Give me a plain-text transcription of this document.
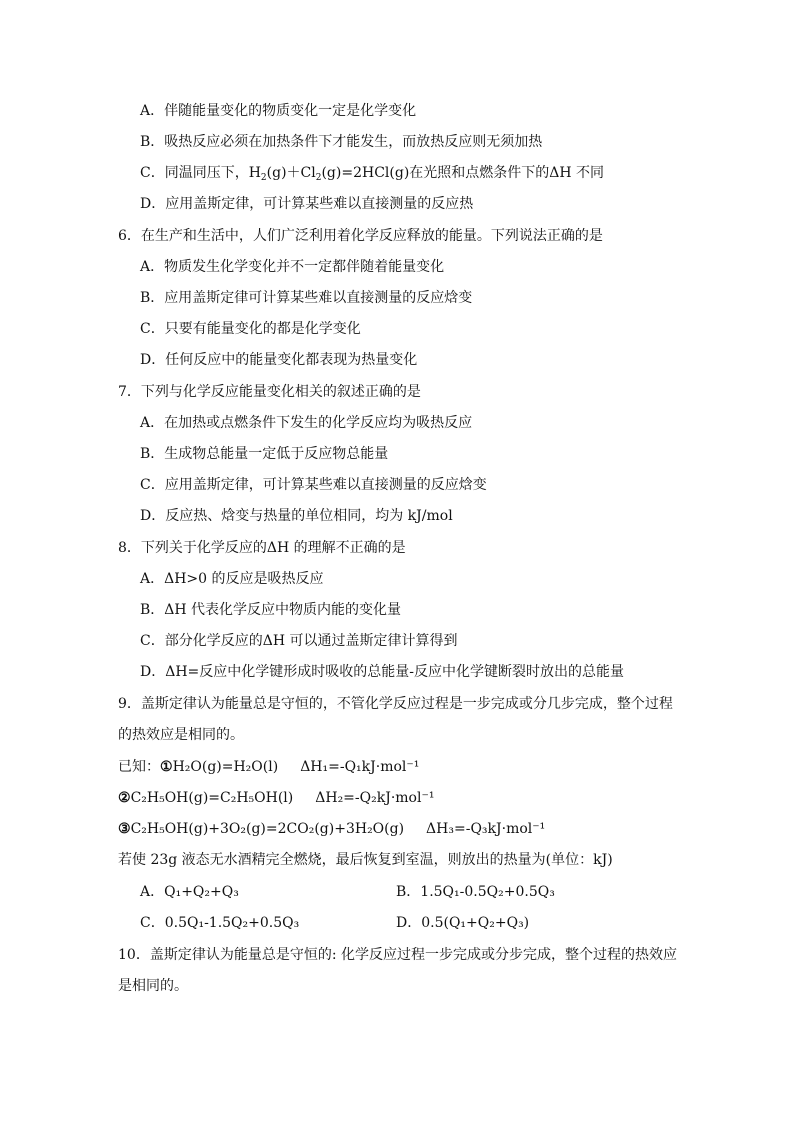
A．伴随能量变化的物质变化一定是化学变化
B．吸热反应必须在加热条件下才能发生，而放热反应则无须加热
C．同温同压下，$H_2(g)+Cl_2(g)=2HCl(g)$在光照和点燃条件下的ΔH 不同
D．应用盖斯定律，可计算某些难以直接测量的反应热
6．在生产和生活中，人们广泛利用着化学反应释放的能量。下列说法正确的是
A．物质发生化学变化并不一定都伴随着能量变化
B．应用盖斯定律可计算某些难以直接测量的反应焓变
C．只要有能量变化的都是化学变化
D．任何反应中的能量变化都表现为热量变化
7．下列与化学反应能量变化相关的叙述正确的是
A．在加热或点燃条件下发生的化学反应均为吸热反应
B．生成物总能量一定低于反应物总能量
C．应用盖斯定律，可计算某些难以直接测量的反应焓变
D．反应热、焓变与热量的单位相同，均为 kJ/mol
8．下列关于化学反应的ΔH 的理解不正确的是
A．ΔH>0 的反应是吸热反应
B．ΔH 代表化学反应中物质内能的变化量
C．部分化学反应的ΔH 可以通过盖斯定律计算得到
D．ΔH=反应中化学键形成时吸收的总能量-反应中化学键断裂时放出的总能量
9．盖斯定律认为能量总是守恒的，不管化学反应过程是一步完成或分几步完成，整个过程
的热效应是相同的。
已知：①H₂O(g)=H₂O(l) ΔH₁=-Q₁kJ·mol⁻¹
②C₂H₅OH(g)=C₂H₅OH(l) ΔH₂=-Q₂kJ·mol⁻¹
③C₂H₅OH(g)+3O₂(g)=2CO₂(g)+3H₂O(g) ΔH₃=-Q₃kJ·mol⁻¹
若使 23g 液态无水酒精完全燃烧，最后恢复到室温，则放出的热量为(单位：kJ)
A．Q₁+Q₂+Q₃	B．1.5Q₁-0.5Q₂+0.5Q₃
C．0.5Q₁-1.5Q₂+0.5Q₃	D．0.5(Q₁+Q₂+Q₃)
10．盖斯定律认为能量总是守恒的: 化学反应过程一步完成或分步完成，整个过程的热效应
是相同的。
